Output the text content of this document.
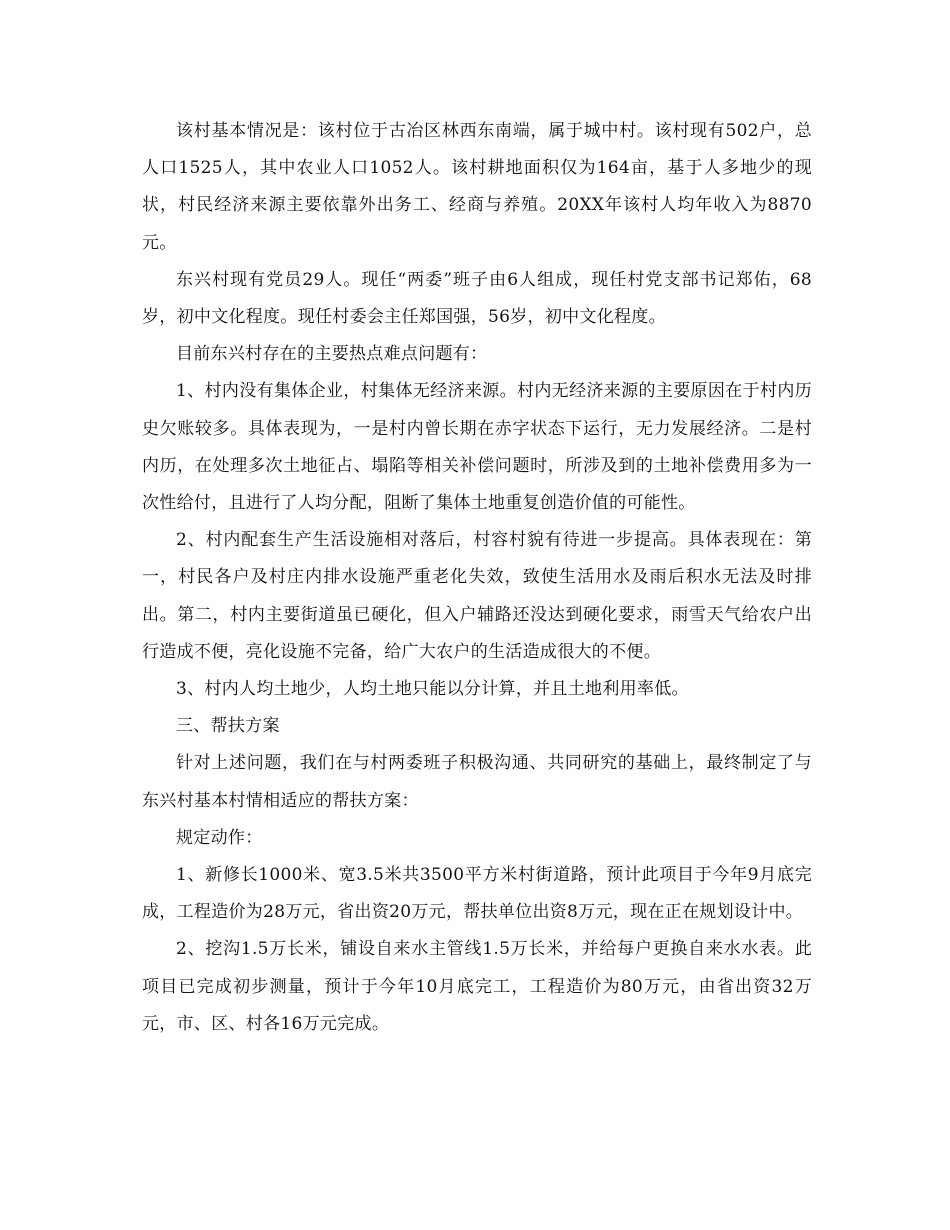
该村基本情况是：该村位于古冶区林西东南端，属于城中村。该村现有502户，总人口1525人，其中农业人口1052人。该村耕地面积仅为164亩，基于人多地少的现状，村民经济来源主要依靠外出务工、经商与养殖。20XX年该村人均年收入为8870元。

东兴村现有党员29人。现任“两委”班子由6人组成，现任村党支部书记郑佑，68岁，初中文化程度。现任村委会主任郑国强，56岁，初中文化程度。

目前东兴村存在的主要热点难点问题有：

1、村内没有集体企业，村集体无经济来源。村内无经济来源的主要原因在于村内历史欠账较多。具体表现为，一是村内曾长期在赤字状态下运行，无力发展经济。二是村内历，在处理多次土地征占、塌陷等相关补偿问题时，所涉及到的土地补偿费用多为一次性给付，且进行了人均分配，阻断了集体土地重复创造价值的可能性。

2、村内配套生产生活设施相对落后，村容村貌有待进一步提高。具体表现在：第一，村民各户及村庄内排水设施严重老化失效，致使生活用水及雨后积水无法及时排出。第二，村内主要街道虽已硬化，但入户辅路还没达到硬化要求，雨雪天气给农户出行造成不便，亮化设施不完备，给广大农户的生活造成很大的不便。

3、村内人均土地少，人均土地只能以分计算，并且土地利用率低。

三、帮扶方案

针对上述问题，我们在与村两委班子积极沟通、共同研究的基础上，最终制定了与东兴村基本村情相适应的帮扶方案：

规定动作：

1、新修长1000米、宽3.5米共3500平方米村街道路，预计此项目于今年9月底完成，工程造价为28万元，省出资20万元，帮扶单位出资8万元，现在正在规划设计中。

2、挖沟1.5万长米，铺设自来水主管线1.5万长米，并给每户更换自来水水表。此项目已完成初步测量，预计于今年10月底完工，工程造价为80万元，由省出资32万元，市、区、村各16万元完成。
